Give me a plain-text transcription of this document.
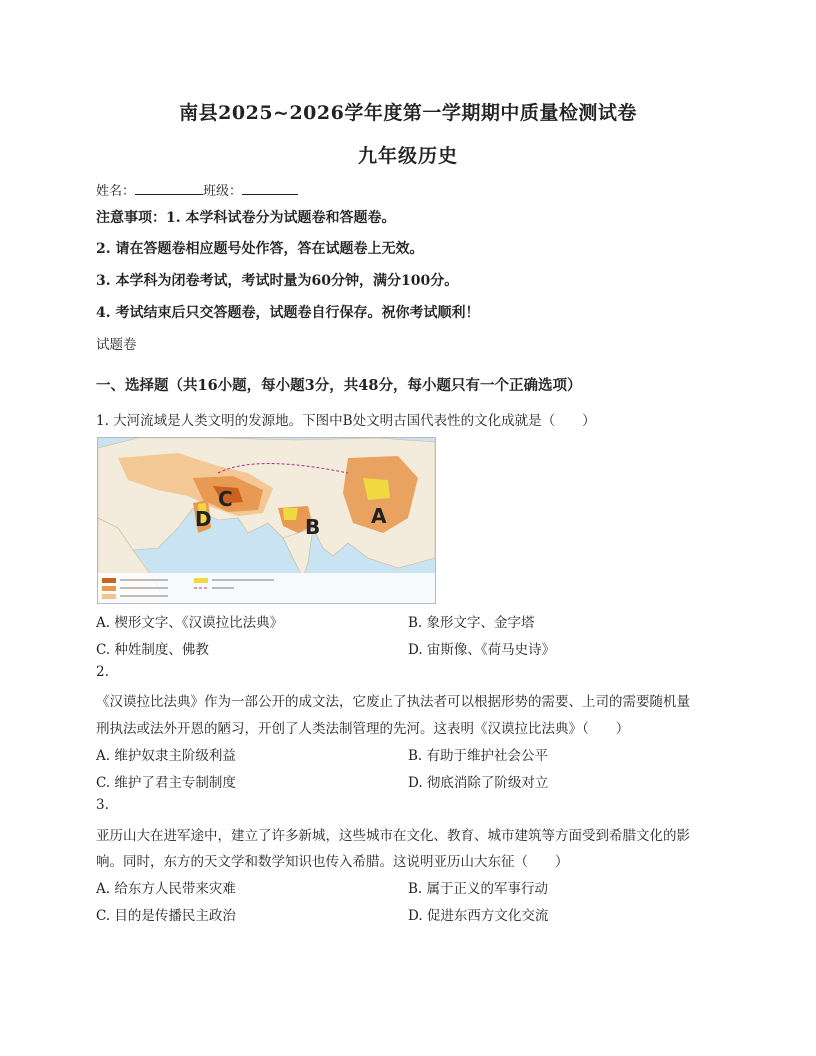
南县2025~2026学年度第一学期期中质量检测试卷
九年级历史
姓名：	班级：
注意事项：1. 本学科试卷分为试题卷和答题卷。
2. 请在答题卷相应题号处作答，答在试题卷上无效。
3. 本学科为闭卷考试，考试时量为60分钟，满分100分。
4. 考试结束后只交答题卷，试题卷自行保存。祝你考试顺利！
试题卷
一、选择题（共16小题，每小题3分，共48分，每小题只有一个正确选项）
1. 大河流域是人类文明的发源地。下图中B处文明古国代表性的文化成就是（　　）
A
B
C
D
A. 楔形文字、《汉谟拉比法典》	B. 象形文字、金字塔
C. 种姓制度、佛教	D. 宙斯像、《荷马史诗》
2.
《汉谟拉比法典》作为一部公开的成文法，它废止了执法者可以根据形势的需要、上司的需要随机量
刑执法或法外开恩的陋习，开创了人类法制管理的先河。这表明《汉谟拉比法典》（　　）
A. 维护奴隶主阶级利益	B. 有助于维护社会公平
C. 维护了君主专制制度	D. 彻底消除了阶级对立
3.
亚历山大在进军途中，建立了许多新城，这些城市在文化、教育、城市建筑等方面受到希腊文化的影
响。同时，东方的天文学和数学知识也传入希腊。这说明亚历山大东征（　　）
A. 给东方人民带来灾难	B. 属于正义的军事行动
C. 目的是传播民主政治	D. 促进东西方文化交流
